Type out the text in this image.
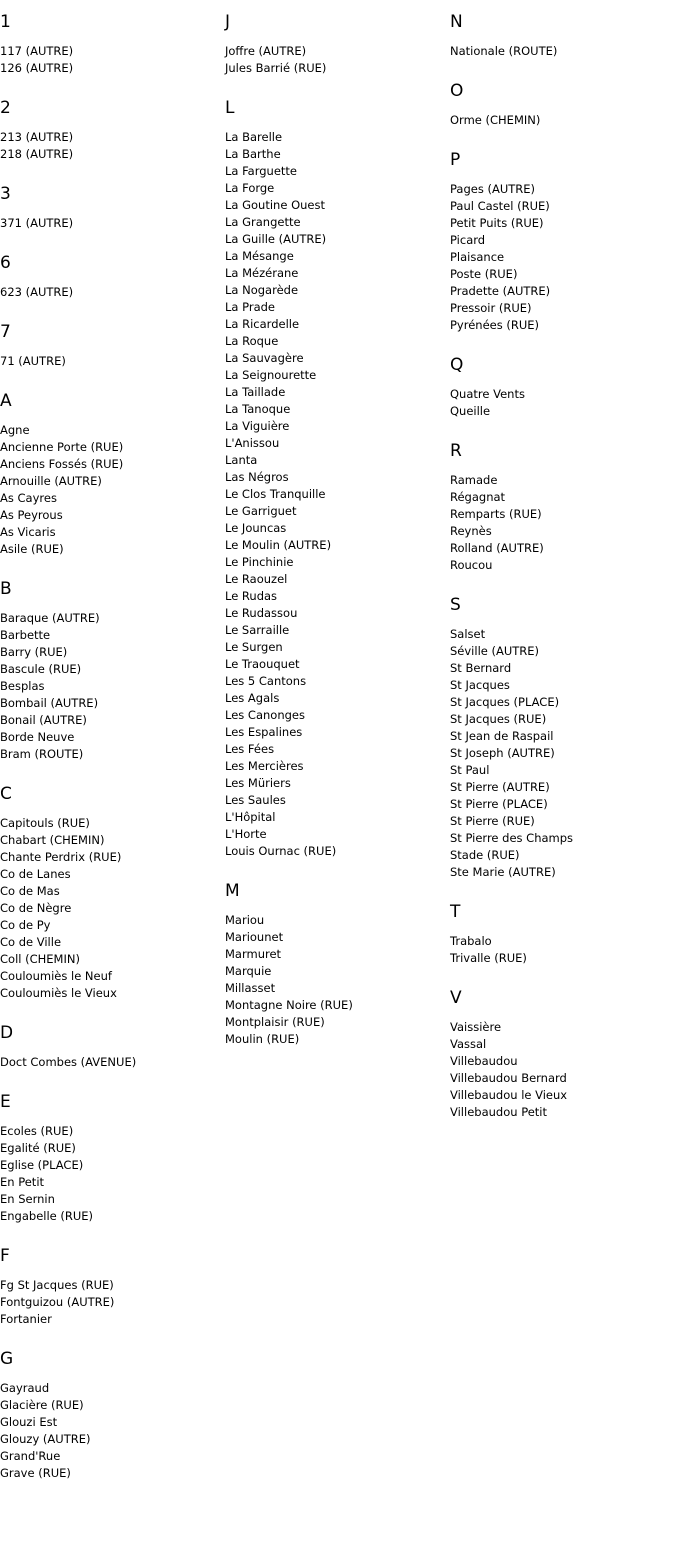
1
117 (AUTRE)
126 (AUTRE)
2
213 (AUTRE)
218 (AUTRE)
3
371 (AUTRE)
6
623 (AUTRE)
7
71 (AUTRE)
A
Agne
Ancienne Porte (RUE)
Anciens Fossés (RUE)
Arnouille (AUTRE)
As Cayres
As Peyrous
As Vicaris
Asile (RUE)
B
Baraque (AUTRE)
Barbette
Barry (RUE)
Bascule (RUE)
Besplas
Bombail (AUTRE)
Bonail (AUTRE)
Borde Neuve
Bram (ROUTE)
C
Capitouls (RUE)
Chabart (CHEMIN)
Chante Perdrix (RUE)
Co de Lanes
Co de Mas
Co de Nègre
Co de Py
Co de Ville
Coll (CHEMIN)
Couloumiès le Neuf
Couloumiès le Vieux
D
Doct Combes (AVENUE)
E
Ecoles (RUE)
Egalité (RUE)
Eglise (PLACE)
En Petit
En Sernin
Engabelle (RUE)
F
Fg St Jacques (RUE)
Fontguizou (AUTRE)
Fortanier
G
Gayraud
Glacière (RUE)
Glouzi Est
Glouzy (AUTRE)
Grand'Rue
Grave (RUE)
J
Joffre (AUTRE)
Jules Barrié (RUE)
L
La Barelle
La Barthe
La Farguette
La Forge
La Goutine Ouest
La Grangette
La Guille (AUTRE)
La Mésange
La Mézérane
La Nogarède
La Prade
La Ricardelle
La Roque
La Sauvagère
La Seignourette
La Taillade
La Tanoque
La Viguière
L'Anissou
Lanta
Las Négros
Le Clos Tranquille
Le Garriguet
Le Jouncas
Le Moulin (AUTRE)
Le Pinchinie
Le Raouzel
Le Rudas
Le Rudassou
Le Sarraille
Le Surgen
Le Traouquet
Les 5 Cantons
Les Agals
Les Canonges
Les Espalines
Les Fées
Les Mercières
Les Müriers
Les Saules
L'Hôpital
L'Horte
Louis Ournac (RUE)
M
Mariou
Mariounet
Marmuret
Marquie
Millasset
Montagne Noire (RUE)
Montplaisir (RUE)
Moulin (RUE)
N
Nationale (ROUTE)
O
Orme (CHEMIN)
P
Pages (AUTRE)
Paul Castel (RUE)
Petit Puits (RUE)
Picard
Plaisance
Poste (RUE)
Pradette (AUTRE)
Pressoir (RUE)
Pyrénées (RUE)
Q
Quatre Vents
Queille
R
Ramade
Régagnat
Remparts (RUE)
Reynès
Rolland (AUTRE)
Roucou
S
Salset
Séville (AUTRE)
St Bernard
St Jacques
St Jacques (PLACE)
St Jacques (RUE)
St Jean de Raspail
St Joseph (AUTRE)
St Paul
St Pierre (AUTRE)
St Pierre (PLACE)
St Pierre (RUE)
St Pierre des Champs
Stade (RUE)
Ste Marie (AUTRE)
T
Trabalo
Trivalle (RUE)
V
Vaissière
Vassal
Villebaudou
Villebaudou Bernard
Villebaudou le Vieux
Villebaudou Petit
